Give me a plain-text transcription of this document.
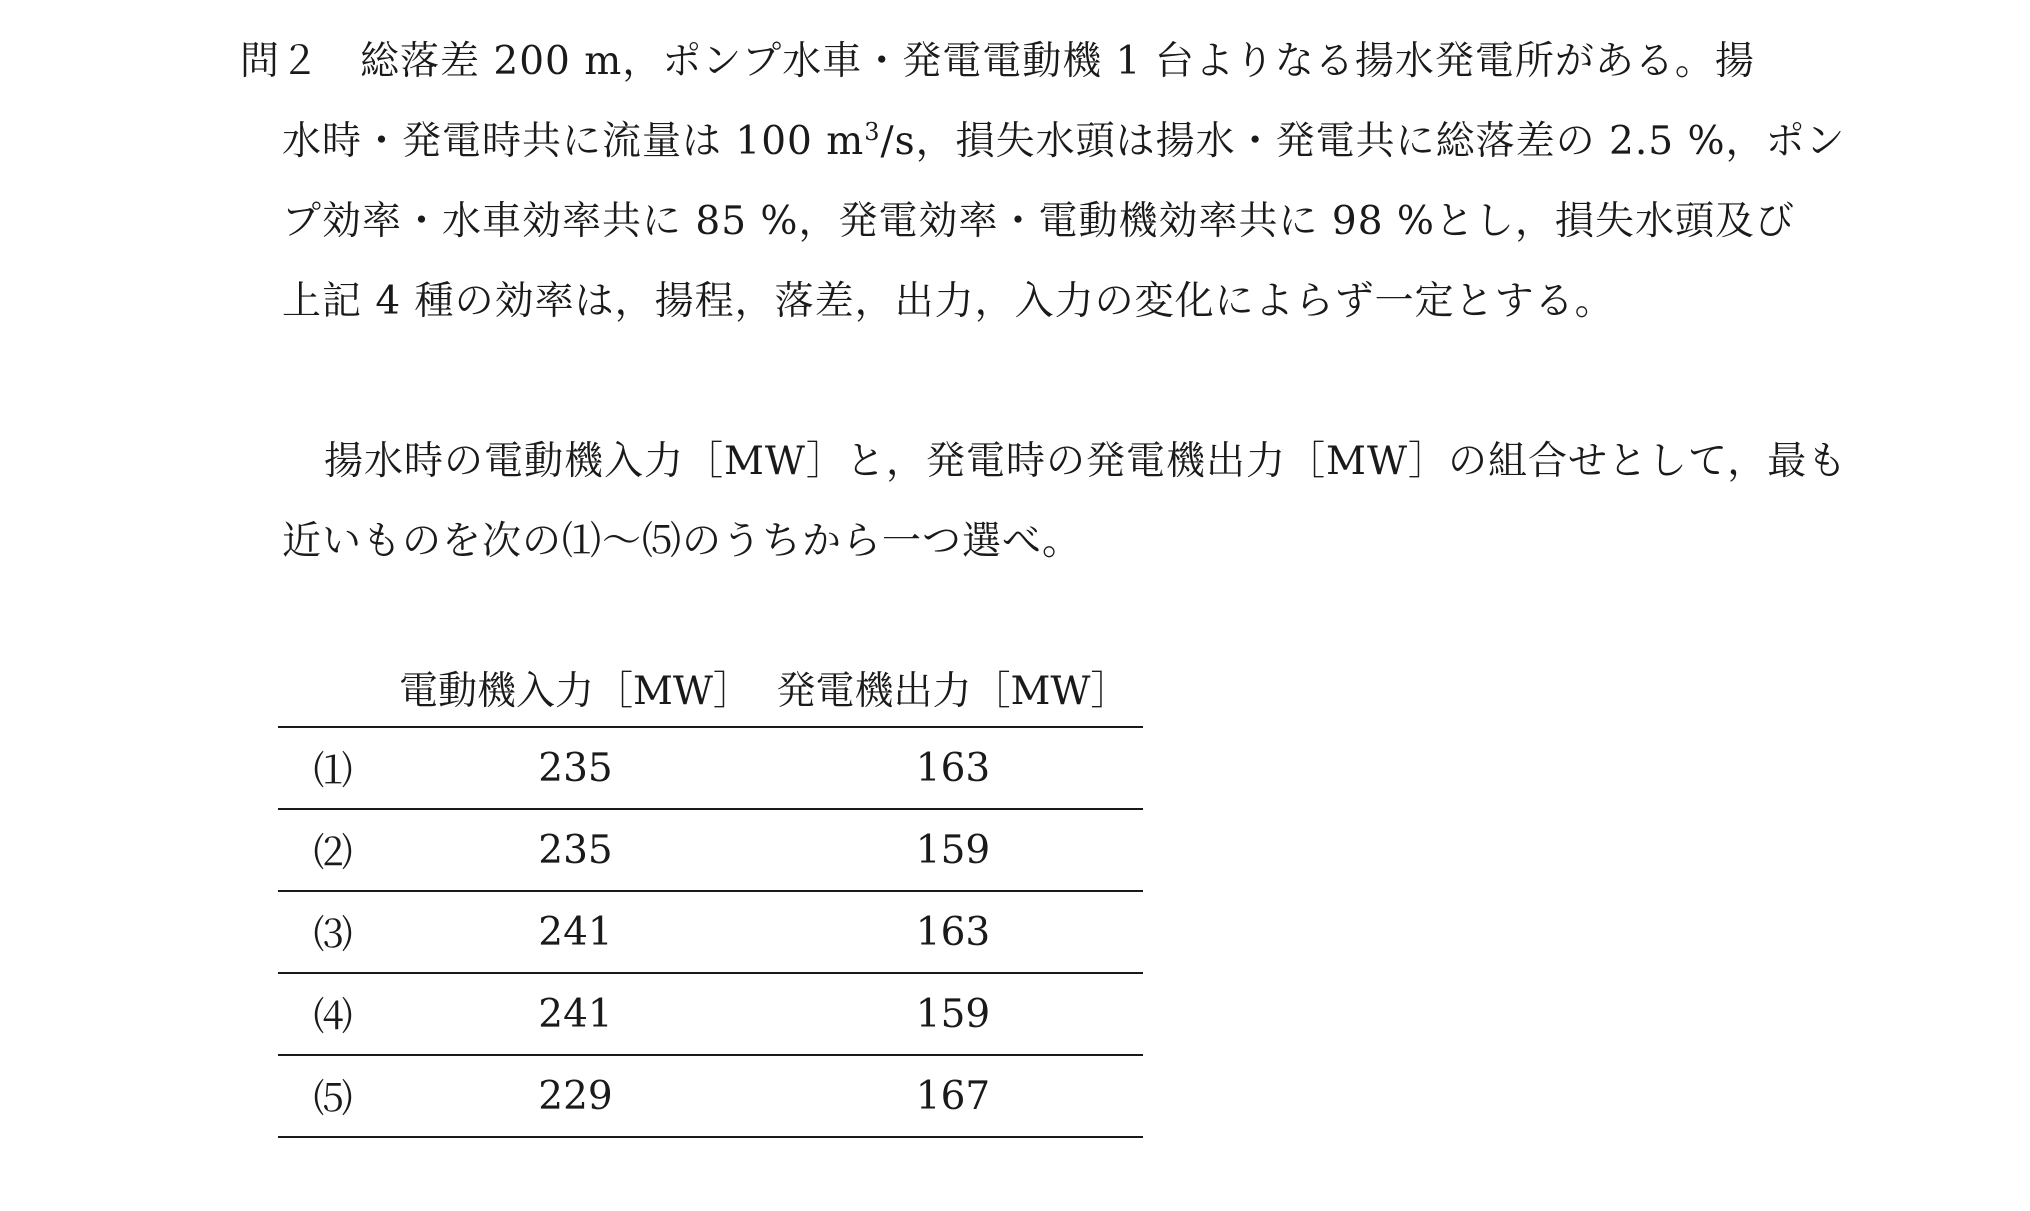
問２ 総落差 200 m，ポンプ水車・発電電動機 1 台よりなる揚水発電所がある。揚
水時・発電時共に流量は 100 $m^3/s$，損失水頭は揚水・発電共に総落差の 2.5 %，ポン
プ効率・水車効率共に 85 %，発電効率・電動機効率共に 98 %とし，損失水頭及び
上記 4 種の効率は，揚程，落差，出力，入力の変化によらず一定とする。
揚水時の電動機入力［MW］と，発電時の発電機出力［MW］の組合せとして，最も
近いものを次の⑴～⑸のうちから一つ選べ。
	電動機入力［MW］	発電機出力［MW］
⑴	235	163
⑵	235	159
⑶	241	163
⑷	241	159
⑸	229	167
